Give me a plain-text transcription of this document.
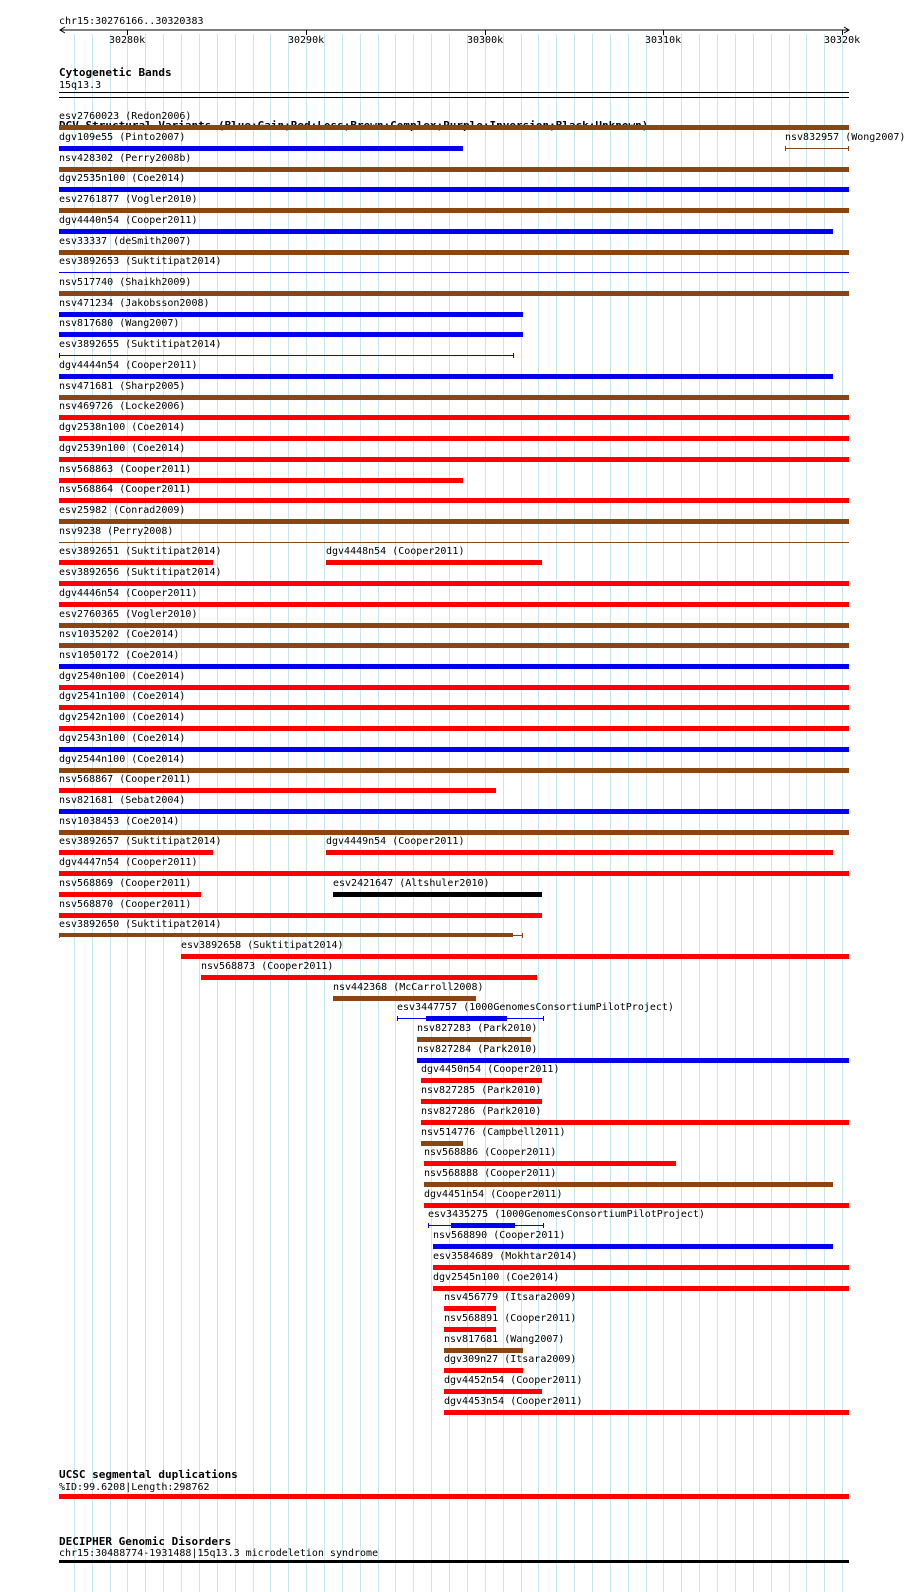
chr15:30276166..30320383
30280k	30290k	30300k	30310k	30320k
Cytogenetic Bands
15q13.3
esv2760023 (Redon2006)
dgv109e55 (Pinto2007)	nsv832957 (Wong2007)
nsv428302 (Perry2008b)
dgv2535n100 (Coe2014)
esv2761877 (Vogler2010)
dgv4440n54 (Cooper2011)
esv33337 (deSmith2007)
esv3892653 (Suktitipat2014)
nsv517740 (Shaikh2009)
nsv471234 (Jakobsson2008)
nsv817680 (Wang2007)
esv3892655 (Suktitipat2014)
dgv4444n54 (Cooper2011)
nsv471681 (Sharp2005)
nsv469726 (Locke2006)
dgv2538n100 (Coe2014)
dgv2539n100 (Coe2014)
nsv568863 (Cooper2011)
nsv568864 (Cooper2011)
esv25982 (Conrad2009)
nsv9238 (Perry2008)
esv3892651 (Suktitipat2014)	dgv4448n54 (Cooper2011)
esv3892656 (Suktitipat2014)
dgv4446n54 (Cooper2011)
esv2760365 (Vogler2010)
nsv1035202 (Coe2014)
nsv1050172 (Coe2014)
dgv2540n100 (Coe2014)
dgv2541n100 (Coe2014)
dgv2542n100 (Coe2014)
dgv2543n100 (Coe2014)
dgv2544n100 (Coe2014)
nsv568867 (Cooper2011)
nsv821681 (Sebat2004)
nsv1038453 (Coe2014)
esv3892657 (Suktitipat2014)	dgv4449n54 (Cooper2011)
dgv4447n54 (Cooper2011)
nsv568869 (Cooper2011)	esv2421647 (Altshuler2010)
nsv568870 (Cooper2011)
esv3892650 (Suktitipat2014)
esv3892658 (Suktitipat2014)
nsv568873 (Cooper2011)
nsv442368 (McCarroll2008)
esv3447757 (1000GenomesConsortiumPilotProject)
nsv827283 (Park2010)
nsv827284 (Park2010)
dgv4450n54 (Cooper2011)
nsv827285 (Park2010)
nsv827286 (Park2010)
nsv514776 (Campbell2011)
nsv568886 (Cooper2011)
nsv568888 (Cooper2011)
dgv4451n54 (Cooper2011)
esv3435275 (1000GenomesConsortiumPilotProject)
nsv568890 (Cooper2011)
esv3584689 (Mokhtar2014)
dgv2545n100 (Coe2014)
nsv456779 (Itsara2009)
nsv568891 (Cooper2011)
nsv817681 (Wang2007)
dgv309n27 (Itsara2009)
dgv4452n54 (Cooper2011)
dgv4453n54 (Cooper2011)
UCSC segmental duplications
%ID:99.6208|Length:298762
DECIPHER Genomic Disorders
chr15:30488774-1931488|15q13.3 microdeletion syndrome
